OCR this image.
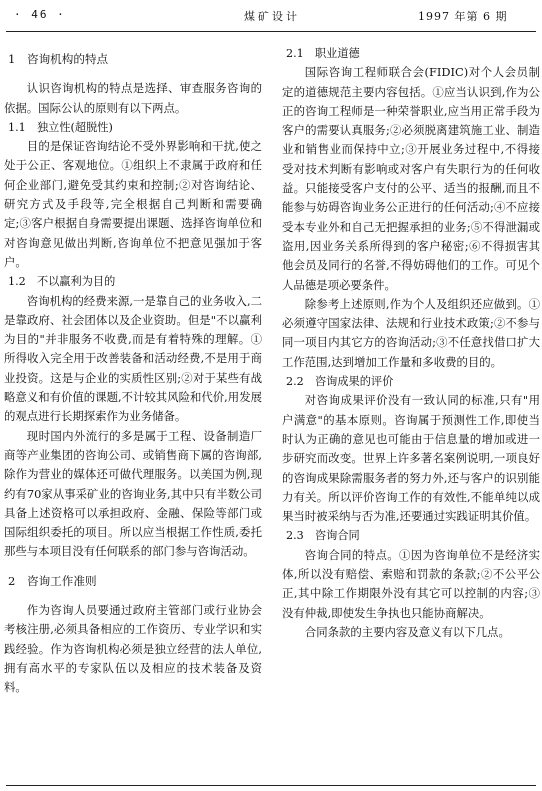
· 46 ·	煤矿设计	1997 年第 6 期
1　咨询机构的特点

认识咨询机构的特点是选择、审查服务咨询的依据。国际公认的原则有以下两点。

1.1　独立性(超脱性)

目的是保证咨询结论不受外界影响和干扰,使之处于公正、客观地位。①组织上不隶属于政府和任何企业部门,避免受其约束和控制;②对咨询结论、研究方式及手段等,完全根据自己判断和需要确定;③客户根据自身需要提出课题、选择咨询单位和对咨询意见做出判断,咨询单位不把意见强加于客户。

1.2　不以赢利为目的

咨询机构的经费来源,一是靠自己的业务收入,二是靠政府、社会团体以及企业资助。但是"不以赢利为目的"并非服务不收费,而是有着特殊的理解。①所得收入完全用于改善装备和活动经费,不是用于商业投资。这是与企业的实质性区别;②对于某些有战略意义和有价值的课题,不计较其风险和代价,用发展的观点进行长期探索作为业务储备。

现时国内外流行的多是属于工程、设备制造厂商等产业集团的咨询公司、或销售商下属的咨询部,除作为营业的媒体还可做代理服务。以美国为例,现约有70家从事采矿业的咨询业务,其中只有半数公司具备上述资格可以承担政府、金融、保险等部门或国际组织委托的项目。所以应当根据工作性质,委托那些与本项目没有任何联系的部门参与咨询活动。

2　咨询工作准则

作为咨询人员要通过政府主管部门或行业协会考核注册,必须具备相应的工作资历、专业学识和实践经验。作为咨询机构必须是独立经营的法人单位,拥有高水平的专家队伍以及相应的技术装备及资料。

2.1　职业道德

国际咨询工程师联合会(FIDIC)对个人会员制定的道德规范主要内容包括。①应当认识到,作为公正的咨询工程师是一种荣誉职业,应当用正常手段为客户的需要认真服务;②必须脱离建筑施工业、制造业和销售业而保持中立;③开展业务过程中,不得接受对技术判断有影响或对客户有失职行为的任何收益。只能接受客户支付的公平、适当的报酬,而且不能参与妨碍咨询业务公正进行的任何活动;④不应接受本专业外和自己无把握承担的业务;⑤不得泄漏或盗用,因业务关系所得到的客户秘密;⑥不得损害其他会员及同行的名誉,不得妨碍他们的工作。可见个人品德是项必要条件。

除参考上述原则,作为个人及组织还应做到。①必须遵守国家法律、法规和行业技术政策;②不参与同一项目内其它方的咨询活动;③不任意找借口扩大工作范围,达到增加工作量和多收费的目的。

2.2　咨询成果的评价

对咨询成果评价没有一致认同的标准,只有"用户满意"的基本原则。咨询属于预测性工作,即使当时认为正确的意见也可能由于信息量的增加或进一步研究而改变。世界上许多著名案例说明,一项良好的咨询成果除需服务者的努力外,还与客户的识别能力有关。所以评价咨询工作的有效性,不能单纯以成果当时被采纳与否为准,还要通过实践证明其价值。

2.3　咨询合同

咨询合同的特点。①因为咨询单位不是经济实体,所以没有赔偿、索赔和罚款的条款;②不公平公正,其中除工作期限外没有其它可以控制的内容;③没有仲裁,即使发生争执也只能协商解决。

合同条款的主要内容及意义有以下几点。
